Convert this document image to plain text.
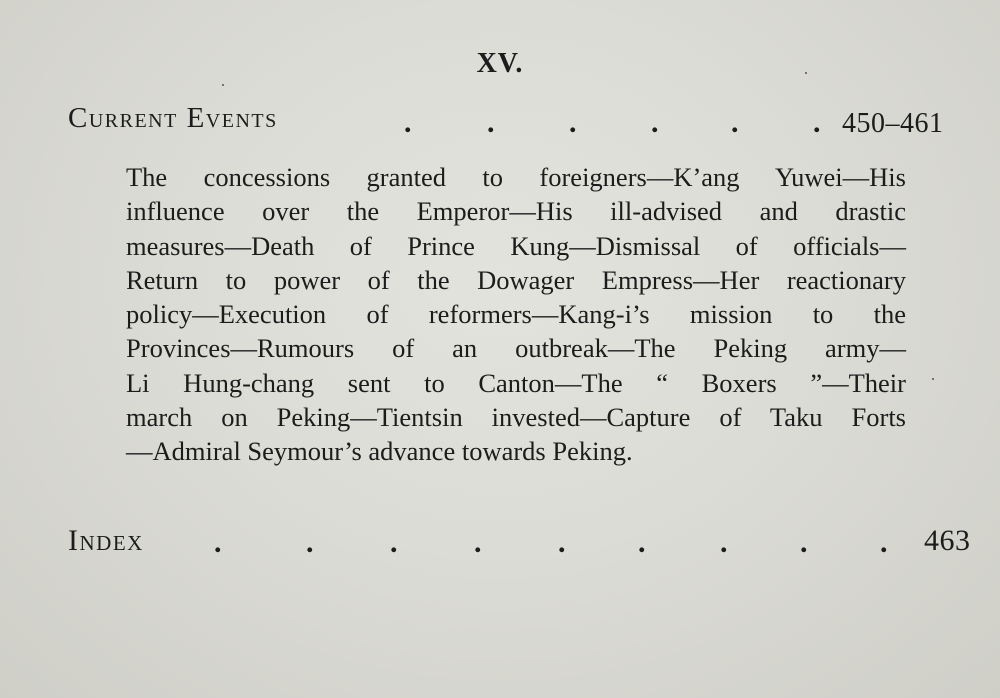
XV.
Current Events	.	. . . . . 450–461
The concessions granted to foreigners—K’ang Yuwei—His
influence over the Emperor—His ill-advised and drastic
measures—Death of Prince Kung—Dismissal of officials—
Return to power of the Dowager Empress—Her reactionary
policy—Execution of reformers—Kang-i’s mission to the
Provinces—Rumours of an outbreak—The Peking army—
Li Hung-chang sent to Canton—The “ Boxers ”—Their
march on Peking—Tientsin invested—Capture of Taku Forts
—Admiral Seymour’s advance towards Peking.
Index .	.	.	.	. . . . . 463
